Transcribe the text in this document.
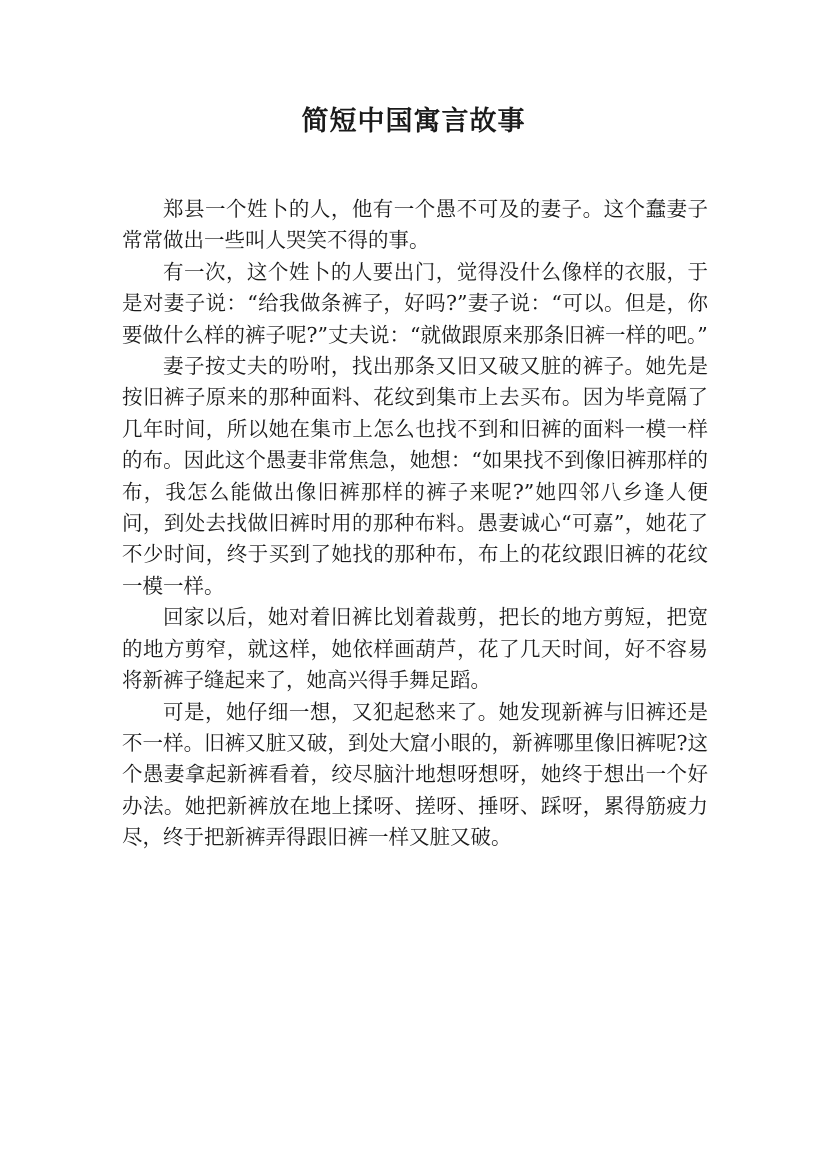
简短中国寓言故事

郑县一个姓卜的人，他有一个愚不可及的妻子。这个蠢妻子常常做出一些叫人哭笑不得的事。

有一次，这个姓卜的人要出门，觉得没什么像样的衣服，于是对妻子说：“给我做条裤子，好吗?”妻子说：“可以。但是，你要做什么样的裤子呢?”丈夫说：“就做跟原来那条旧裤一样的吧。”

妻子按丈夫的吩咐，找出那条又旧又破又脏的裤子。她先是按旧裤子原来的那种面料、花纹到集市上去买布。因为毕竟隔了几年时间，所以她在集市上怎么也找不到和旧裤的面料一模一样的布。因此这个愚妻非常焦急，她想：“如果找不到像旧裤那样的布，我怎么能做出像旧裤那样的裤子来呢?”她四邻八乡逢人便问，到处去找做旧裤时用的那种布料。愚妻诚心“可嘉”，她花了不少时间，终于买到了她找的那种布，布上的花纹跟旧裤的花纹一模一样。

回家以后，她对着旧裤比划着裁剪，把长的地方剪短，把宽的地方剪窄，就这样，她依样画葫芦，花了几天时间，好不容易将新裤子缝起来了，她高兴得手舞足蹈。

可是，她仔细一想，又犯起愁来了。她发现新裤与旧裤还是不一样。旧裤又脏又破，到处大窟小眼的，新裤哪里像旧裤呢?这个愚妻拿起新裤看着，绞尽脑汁地想呀想呀，她终于想出一个好办法。她把新裤放在地上揉呀、搓呀、捶呀、踩呀，累得筋疲力尽，终于把新裤弄得跟旧裤一样又脏又破。
